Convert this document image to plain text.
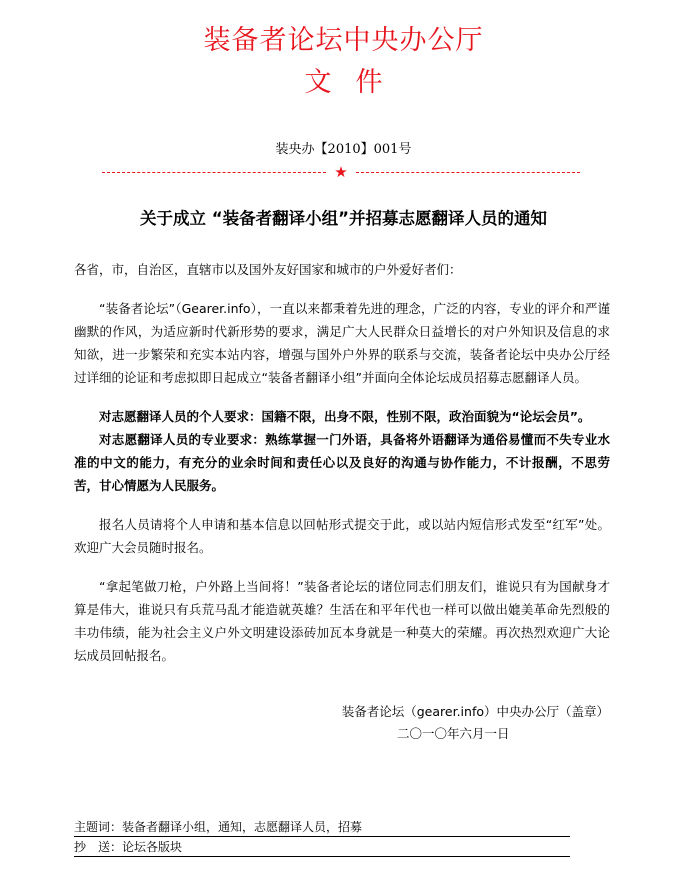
装备者论坛中央办公厅
文 件
装央办【2010】001号
★
关于成立 “装备者翻译小组”并招募志愿翻译人员的通知

各省，市，自治区，直辖市以及国外友好国家和城市的户外爱好者们：

“装备者论坛”（Gearer.info），一直以来都秉着先进的理念，广泛的内容，专业的评介和严谨幽默的作风，为适应新时代新形势的要求，满足广大人民群众日益增长的对户外知识及信息的求知欲，进一步繁荣和充实本站内容，增强与国外户外界的联系与交流，装备者论坛中央办公厅经过详细的论证和考虑拟即日起成立“装备者翻译小组”并面向全体论坛成员招募志愿翻译人员。

对志愿翻译人员的个人要求：国籍不限，出身不限，性别不限，政治面貌为“论坛会员”。

对志愿翻译人员的专业要求：熟练掌握一门外语，具备将外语翻译为通俗易懂而不失专业水准的中文的能力，有充分的业余时间和责任心以及良好的沟通与协作能力，不计报酬，不思劳苦，甘心情愿为人民服务。

报名人员请将个人申请和基本信息以回帖形式提交于此，或以站内短信形式发至“红军”处。欢迎广大会员随时报名。

“拿起笔做刀枪，户外路上当间将！”装备者论坛的诸位同志们朋友们，谁说只有为国献身才算是伟大，谁说只有兵荒马乱才能造就英雄？生活在和平年代也一样可以做出媲美革命先烈般的丰功伟绩，能为社会主义户外文明建设添砖加瓦本身就是一种莫大的荣耀。再次热烈欢迎广大论坛成员回帖报名。

装备者论坛（gearer.info）中央办公厅（盖章）
二〇一〇年六月一日
主题词：装备者翻译小组，通知，志愿翻译人员，招募
抄　送：论坛各版块
